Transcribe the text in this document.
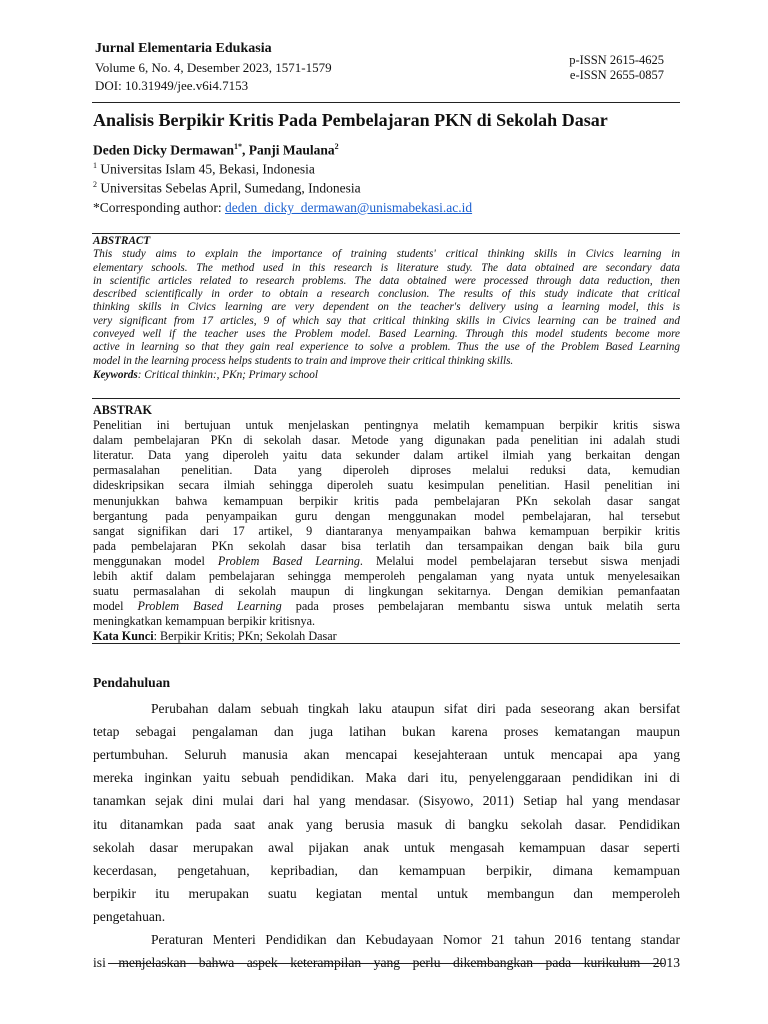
Jurnal Elementaria Edukasia
Volume 6, No. 4, Desember 2023, 1571-1579
DOI: 10.31949/jee.v6i4.7153
p-ISSN 2615-4625
e-ISSN 2655-0857
Analisis Berpikir Kritis Pada Pembelajaran PKN di Sekolah Dasar
Deden Dicky Dermawan$^{1*}$, Panji Maulana$^2$
$^1$ Universitas Islam 45, Bekasi, Indonesia
$^2$ Universitas Sebelas April, Sumedang, Indonesia
*Corresponding author: deden_dicky_dermawan@unismabekasi.ac.id
ABSTRACT
This study aims to explain the importance of training students' critical thinking skills in Civics learning in
elementary schools. The method used in this research is literature study. The data obtained are secondary data
in scientific articles related to research problems. The data obtained were processed through data reduction, then
described scientifically in order to obtain a research conclusion. The results of this study indicate that critical
thinking skills in Civics learning are very dependent on the teacher's delivery using a learning model, this is
very significant from 17 articles, 9 of which say that critical thinking skills in Civics learning can be trained and
conveyed well if the teacher uses the Problem model. Based Learning. Through this model students become more
active in learning so that they gain real experience to solve a problem. Thus the use of the Problem Based Learning
model in the learning process helps students to train and improve their critical thinking skills.
Keywords: Critical thinkin:, PKn; Primary school
ABSTRAK
Penelitian ini bertujuan untuk menjelaskan pentingnya melatih kemampuan berpikir kritis siswa
dalam pembelajaran PKn di sekolah dasar. Metode yang digunakan pada penelitian ini adalah studi
literatur. Data yang diperoleh yaitu data sekunder dalam artikel ilmiah yang berkaitan dengan
permasalahan penelitian. Data yang diperoleh diproses melalui reduksi data, kemudian
dideskripsikan secara ilmiah sehingga diperoleh suatu kesimpulan penelitian. Hasil penelitian ini
menunjukkan bahwa kemampuan berpikir kritis pada pembelajaran PKn sekolah dasar sangat
bergantung pada penyampaikan guru dengan menggunakan model pembelajaran, hal tersebut
sangat signifikan dari 17 artikel, 9 diantaranya menyampaikan bahwa kemampuan berpikir kritis
pada pembelajaran PKn sekolah dasar bisa terlatih dan tersampaikan dengan baik bila guru
menggunakan model Problem Based Learning. Melalui model pembelajaran tersebut siswa menjadi
lebih aktif dalam pembelajaran sehingga memperoleh pengalaman yang nyata untuk menyelesaikan
suatu permasalahan di sekolah maupun di lingkungan sekitarnya. Dengan demikian pemanfaatan
model Problem Based Learning pada proses pembelajaran membantu siswa untuk melatih serta
meningkatkan kemampuan berpikir kritisnya.
Kata Kunci: Berpikir Kritis; PKn; Sekolah Dasar
Pendahuluan
Perubahan dalam sebuah tingkah laku ataupun sifat diri pada seseorang akan bersifat
tetap sebagai pengalaman dan juga latihan bukan karena proses kematangan maupun
pertumbuhan. Seluruh manusia akan mencapai kesejahteraan untuk mencapai apa yang
mereka inginkan yaitu sebuah pendidikan. Maka dari itu, penyelenggaraan pendidikan ini di
tanamkan sejak dini mulai dari hal yang mendasar. (Sisyowo, 2011) Setiap hal yang mendasar
itu ditanamkan pada saat anak yang berusia masuk di bangku sekolah dasar. Pendidikan
sekolah dasar merupakan awal pijakan anak untuk mengasah kemampuan dasar seperti
kecerdasan, pengetahuan, kepribadian, dan kemampuan berpikir, dimana kemampuan
berpikir itu merupakan suatu kegiatan mental untuk membangun dan memperoleh
pengetahuan.
Peraturan Menteri Pendidikan dan Kebudayaan Nomor 21 tahun 2016 tentang standar
isi menjelaskan bahwa aspek keterampilan yang perlu dikembangkan pada kurikulum 2013
